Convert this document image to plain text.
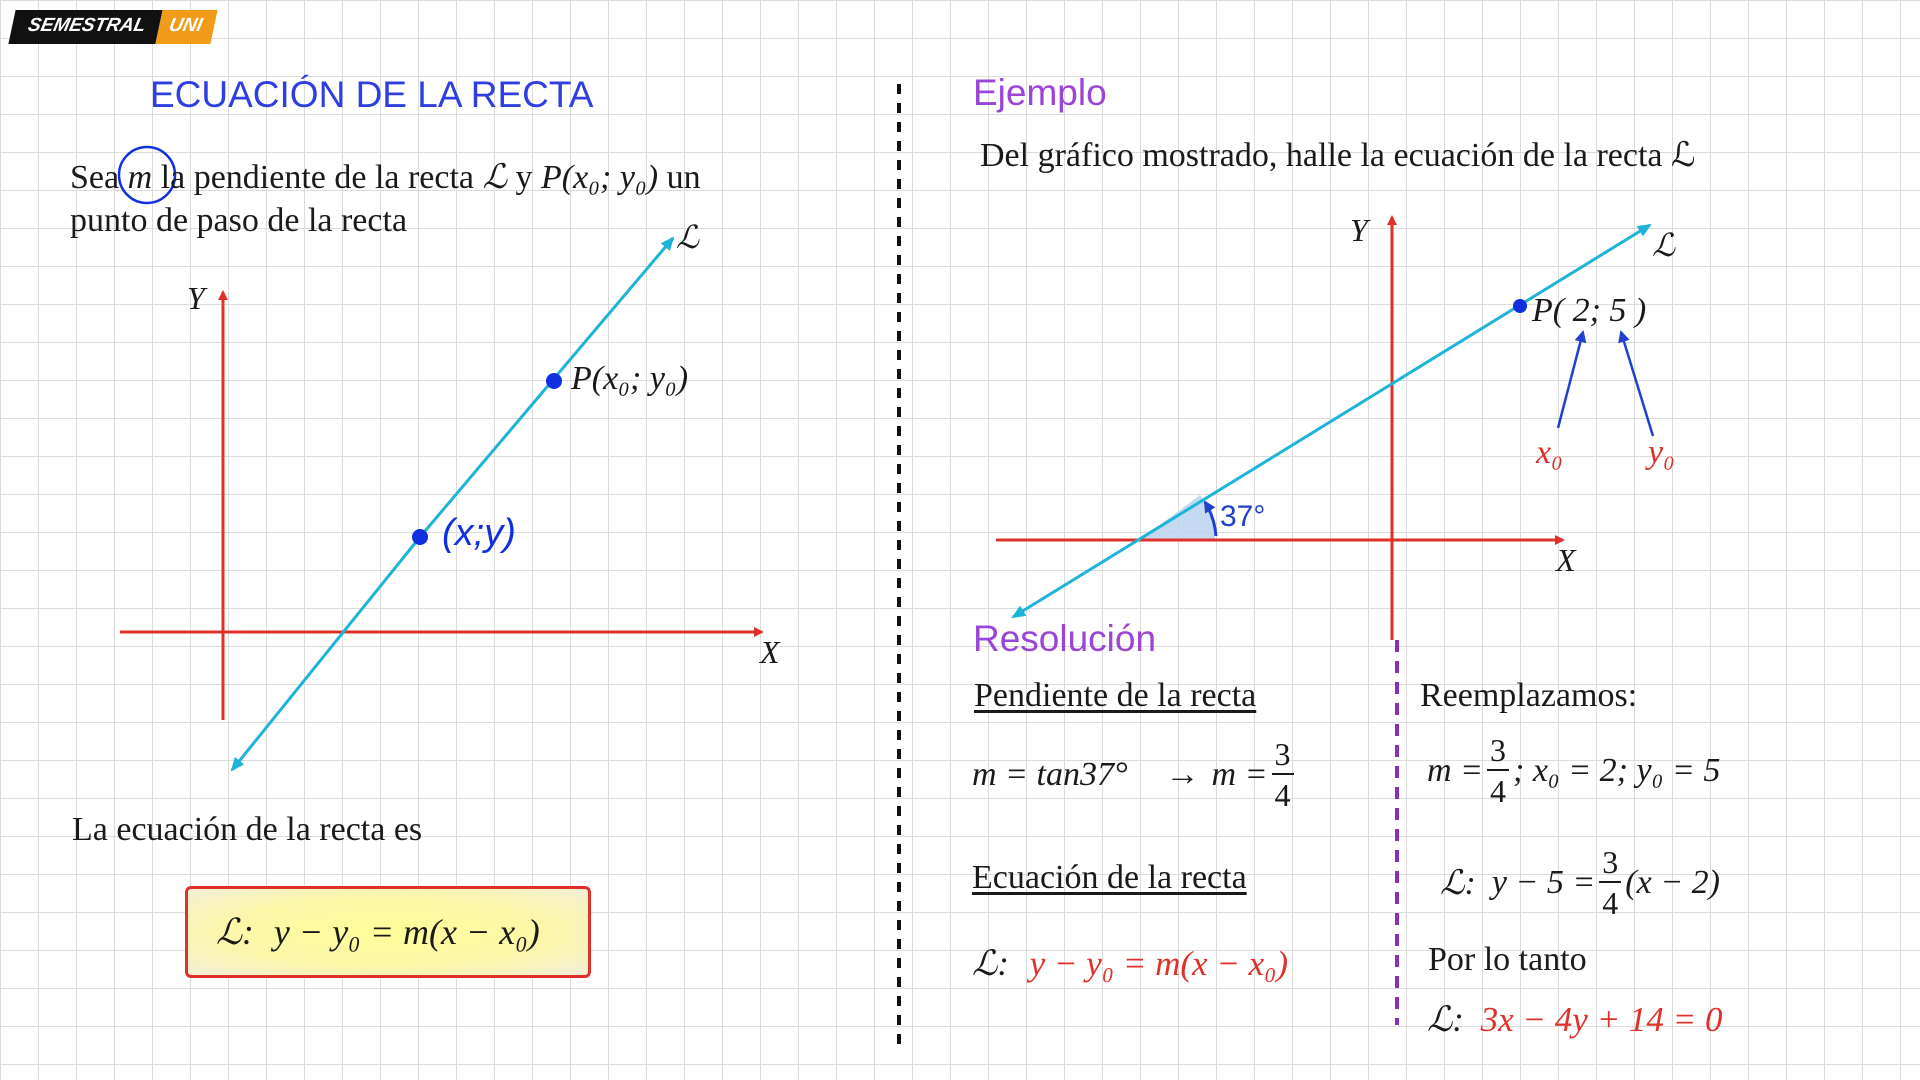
SEMESTRAL	UNI
ECUACIÓN DE LA RECTA
Sea m la pendiente de la recta ℒ y P(x₀; y₀) un
punto de paso de la recta
Y
X
ℒ
P(x₀; y₀)
(x;y)
La ecuación de la recta es
ℒ: y − y₀ = m(x − x₀)
Ejemplo
Del gráfico mostrado, halle la ecuación de la recta ℒ
Y
X
ℒ
P( 2; 5 )
37°
x₀	y₀
Resolución
Pendiente de la recta
$m = \tan 37^\circ \to m = \frac{3}{4}$
Ecuación de la recta
ℒ: y − y₀ = m(x − x₀)
Reemplazamos:
$m = \frac{3}{4}$ ; x₀ = 2; y₀ = 5
ℒ: $y - 5 = \frac{3}{4} (x - 2)$
Por lo tanto
ℒ: 3x − 4y + 14 = 0
